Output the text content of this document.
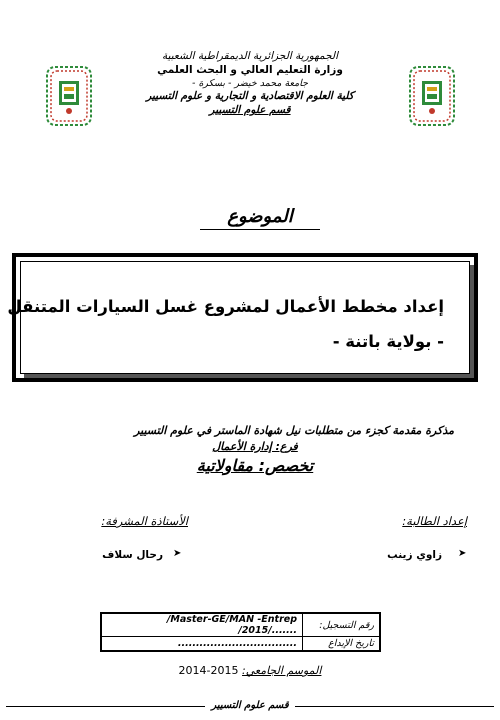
الجمهورية الجزائرية الديمقراطية الشعبية
وزارة التعليم العالي و البحث العلمي
جامعة محمد خيضر - بسكرة -
كلية العلوم الاقتصادية و التجارية و علوم التسيير
قسم علوم التسيير
الموضوع
إعداد مخطط الأعمال لمشروع غسل السيارات المتنقل
- بولاية باتنة -
مذكرة مقدمة كجزء من متطلبات نيل شهادة الماستر في علوم التسيير
فرع: إدارة الأعمال
تخصص: مقاولاتية
إعداد الطالبة:
الأستاذة المشرفة:
➤
زاوي زينب
➤
رحال سلاف
/Master-GE/MAN -Entrep /2015/.......	رقم التسجيل:
.................................	تاريخ الإيداع
الموسم الجامعي: 2015-2014
قسم علوم التسيير
